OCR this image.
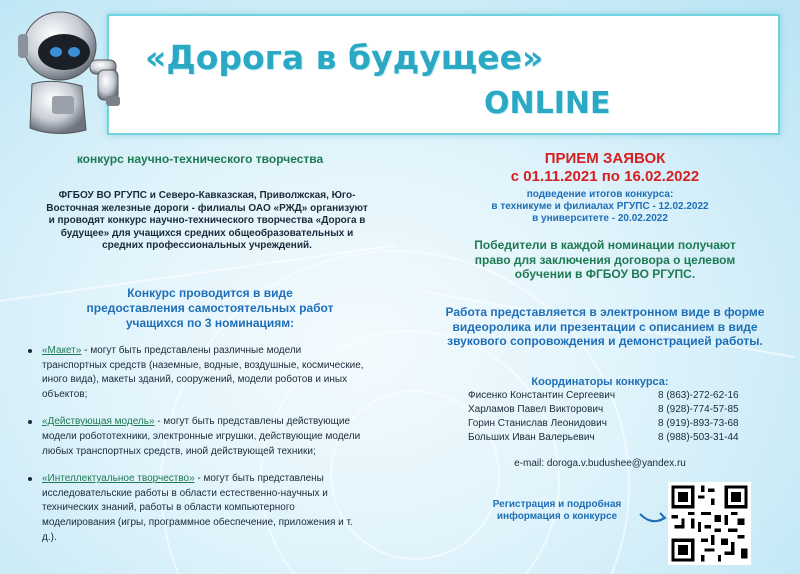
«Дорога в будущее»
ONLINE
конкурс научно-технического творчества
ФГБОУ ВО РГУПС и Северо-Кавказская, Приволжская, Юго-Восточная железные дороги - филиалы ОАО «РЖД» организуют и проводят конкурс научно-технического творчества «Дорога в будущее» для учащихся средних общеобразовательных и средних профессиональных учреждений.
Конкурс проводится в виде предоставления самостоятельных работ учащихся по 3 номинациям:
«Макет» - могут быть представлены различные модели транспортных средств (наземные, водные, воздушные, космические, иного вида), макеты зданий, сооружений, модели роботов и иных объектов;
«Действующая модель» - могут быть представлены действующие модели робототехники, электронные игрушки, действующие модели любых транспортных средств, иной действующей техники;
«Интеллектуальное творчество» - могут быть представлены исследовательские работы в области естественно-научных и технических знаний, работы в области компьютерного моделирования (игры, программное обеспечение, приложения и т. д.).
ПРИЕМ ЗАЯВОК
с 01.11.2021 по 16.02.2022
подведение итогов конкурса:
в техникуме и филиалах РГУПС - 12.02.2022
в университете - 20.02.2022
Победители в каждой номинации получают право для заключения договора о целевом обучении в ФГБОУ ВО РГУПС.
Работа представляется в электронном виде в форме видеоролика или презентации с описанием в виде звукового сопровождения и демонстрацией работы.
Координаторы конкурса:
Фисенко Константин Сергеевич	8 (863)-272-62-16
Харламов Павел Викторович	8 (928)-774-57-85
Горин Станислав Леонидович	8 (919)-893-73-68
Больших Иван Валерьевич	8 (988)-503-31-44
e-mail: dorogа.v.budushee@yandex.ru
Регистрация и подробная информация о конкурсе
